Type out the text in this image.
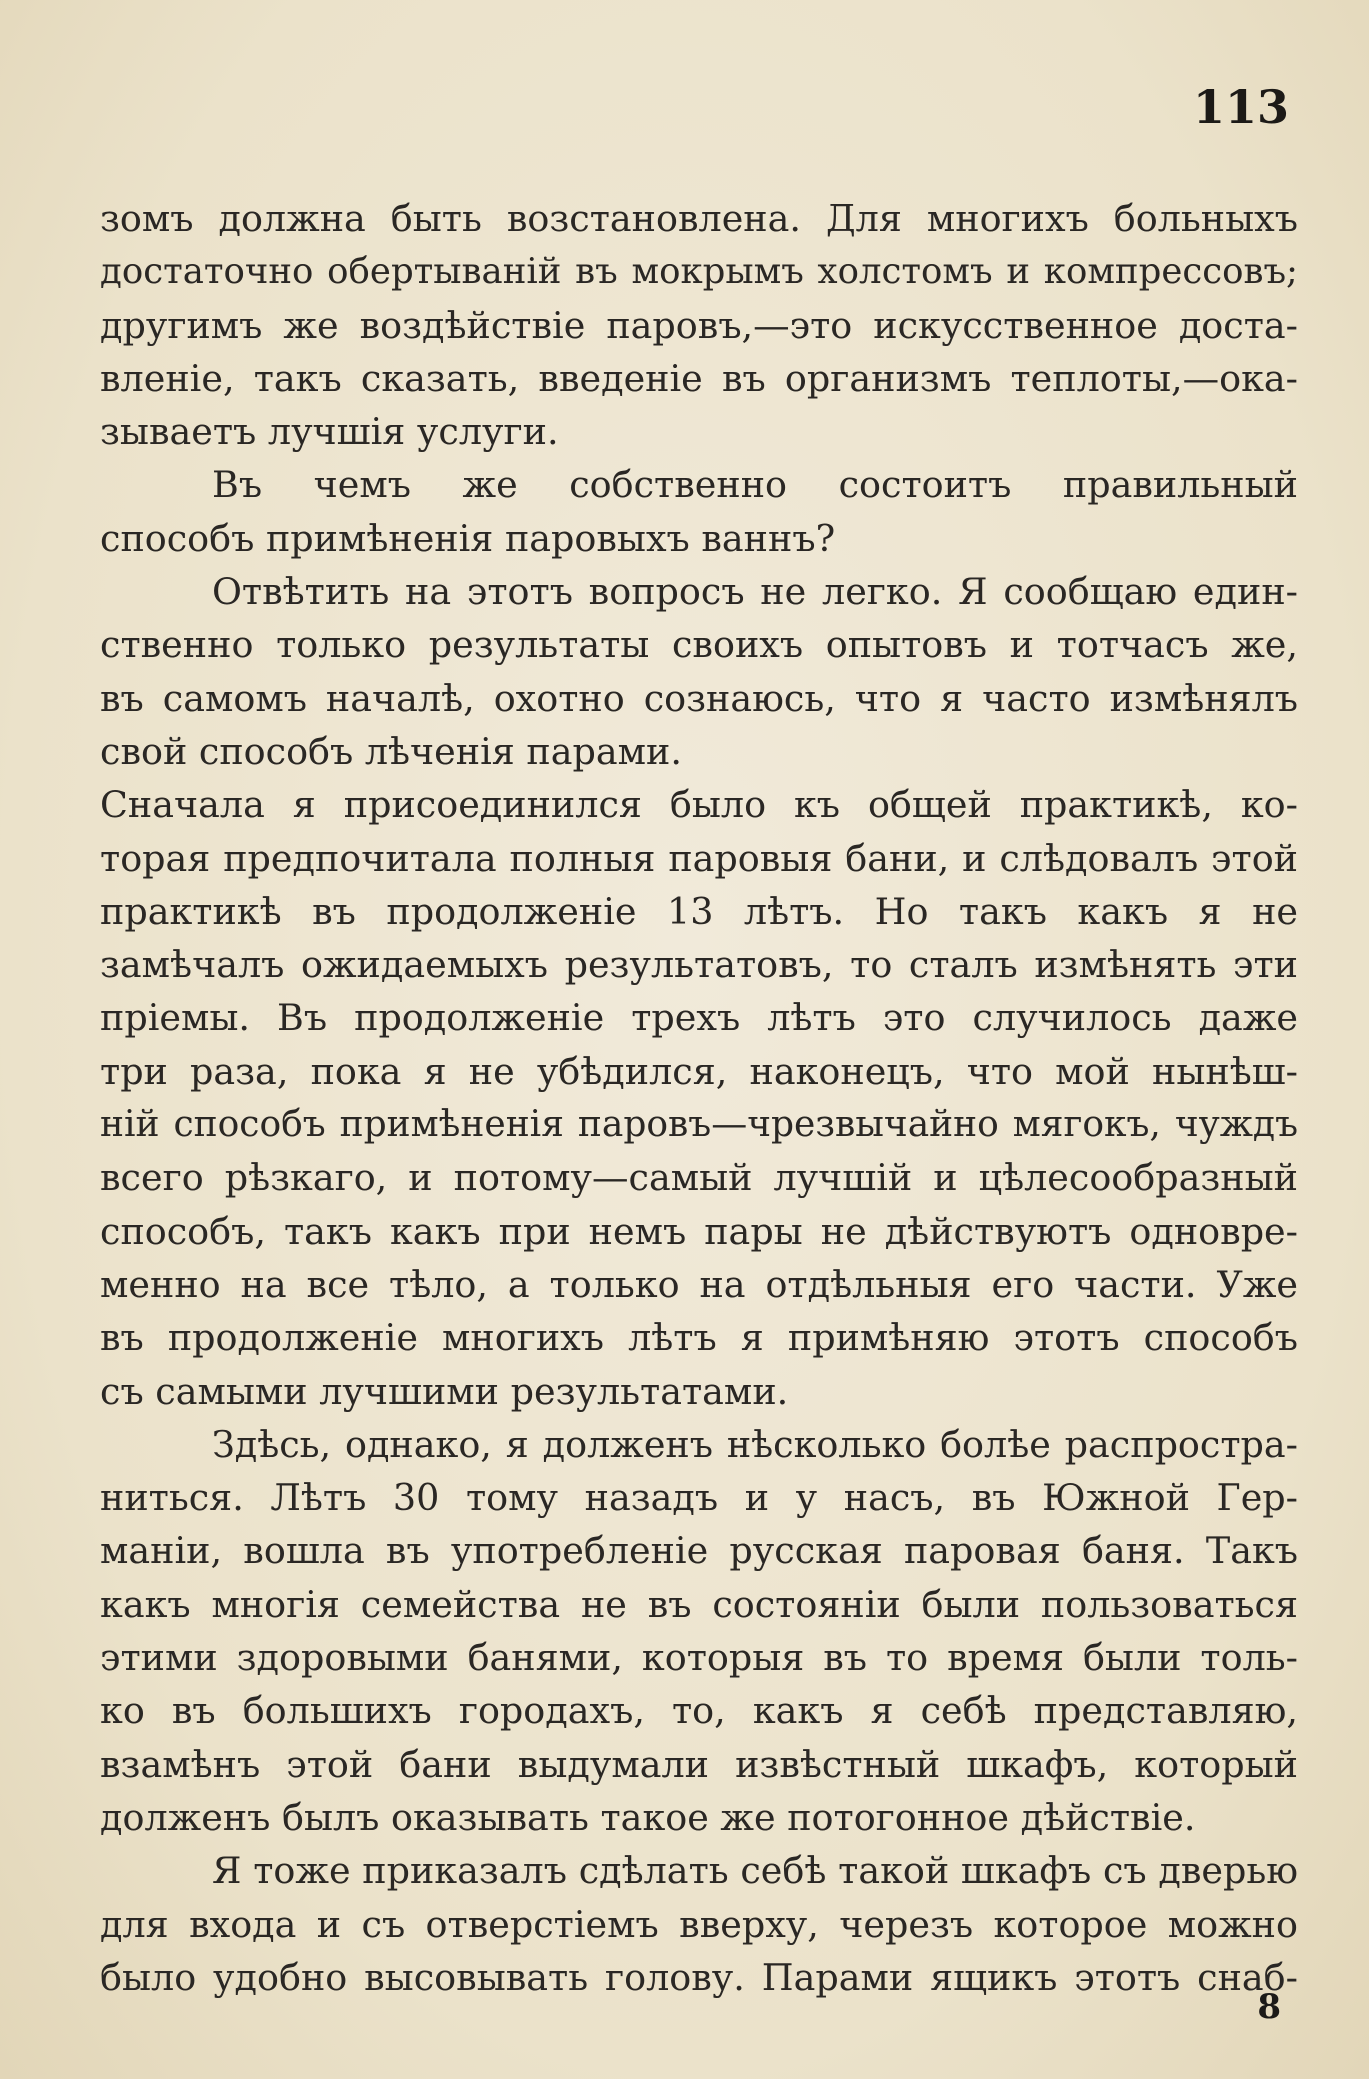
113
зомъ должна быть возстановлена. Для многихъ больныхъ
достаточно обертываній въ мокрымъ холстомъ и компрессовъ;
другимъ же воздѣйствіе паровъ,—это искусственное доста-
вленіе, такъ сказать, введеніе въ организмъ теплоты,—ока-
зываетъ лучшія услуги.
Въ чемъ же собственно состоитъ правильный
способъ примѣненія паровыхъ ваннъ?
Отвѣтить на этотъ вопросъ не легко. Я сообщаю един-
ственно только результаты своихъ опытовъ и тотчасъ же,
въ самомъ началѣ, охотно сознаюсь, что я часто измѣнялъ
свой способъ лѣченія парами.
Сначала я присоединился было къ общей практикѣ, ко-
торая предпочитала полныя паровыя бани, и слѣдовалъ этой
практикѣ въ продолженіе 13 лѣтъ. Но такъ какъ я не
замѣчалъ ожидаемыхъ результатовъ, то сталъ измѣнять эти
пріемы. Въ продолженіе трехъ лѣтъ это случилось даже
три раза, пока я не убѣдился, наконецъ, что мой нынѣш-
ній способъ примѣненія паровъ—чрезвычайно мягокъ, чуждъ
всего рѣзкаго, и потому—самый лучшій и цѣлесообразный
способъ, такъ какъ при немъ пары не дѣйствуютъ одновре-
менно на все тѣло, а только на отдѣльныя его части. Уже
въ продолженіе многихъ лѣтъ я примѣняю этотъ способъ
съ самыми лучшими результатами.
Здѣсь, однако, я долженъ нѣсколько болѣе распростра-
ниться. Лѣтъ 30 тому назадъ и у насъ, въ Южной Гер-
маніи, вошла въ употребленіе русская паровая баня. Такъ
какъ многія семейства не въ состояніи были пользоваться
этими здоровыми банями, которыя въ то время были толь-
ко въ большихъ городахъ, то, какъ я себѣ представляю,
взамѣнъ этой бани выдумали извѣстный шкафъ, который
долженъ былъ оказывать такое же потогонное дѣйствіе.
Я тоже приказалъ сдѣлать себѣ такой шкафъ съ дверью
для входа и съ отверстіемъ вверху, черезъ которое можно
было удобно высовывать голову. Парами ящикъ этотъ снаб-
8
